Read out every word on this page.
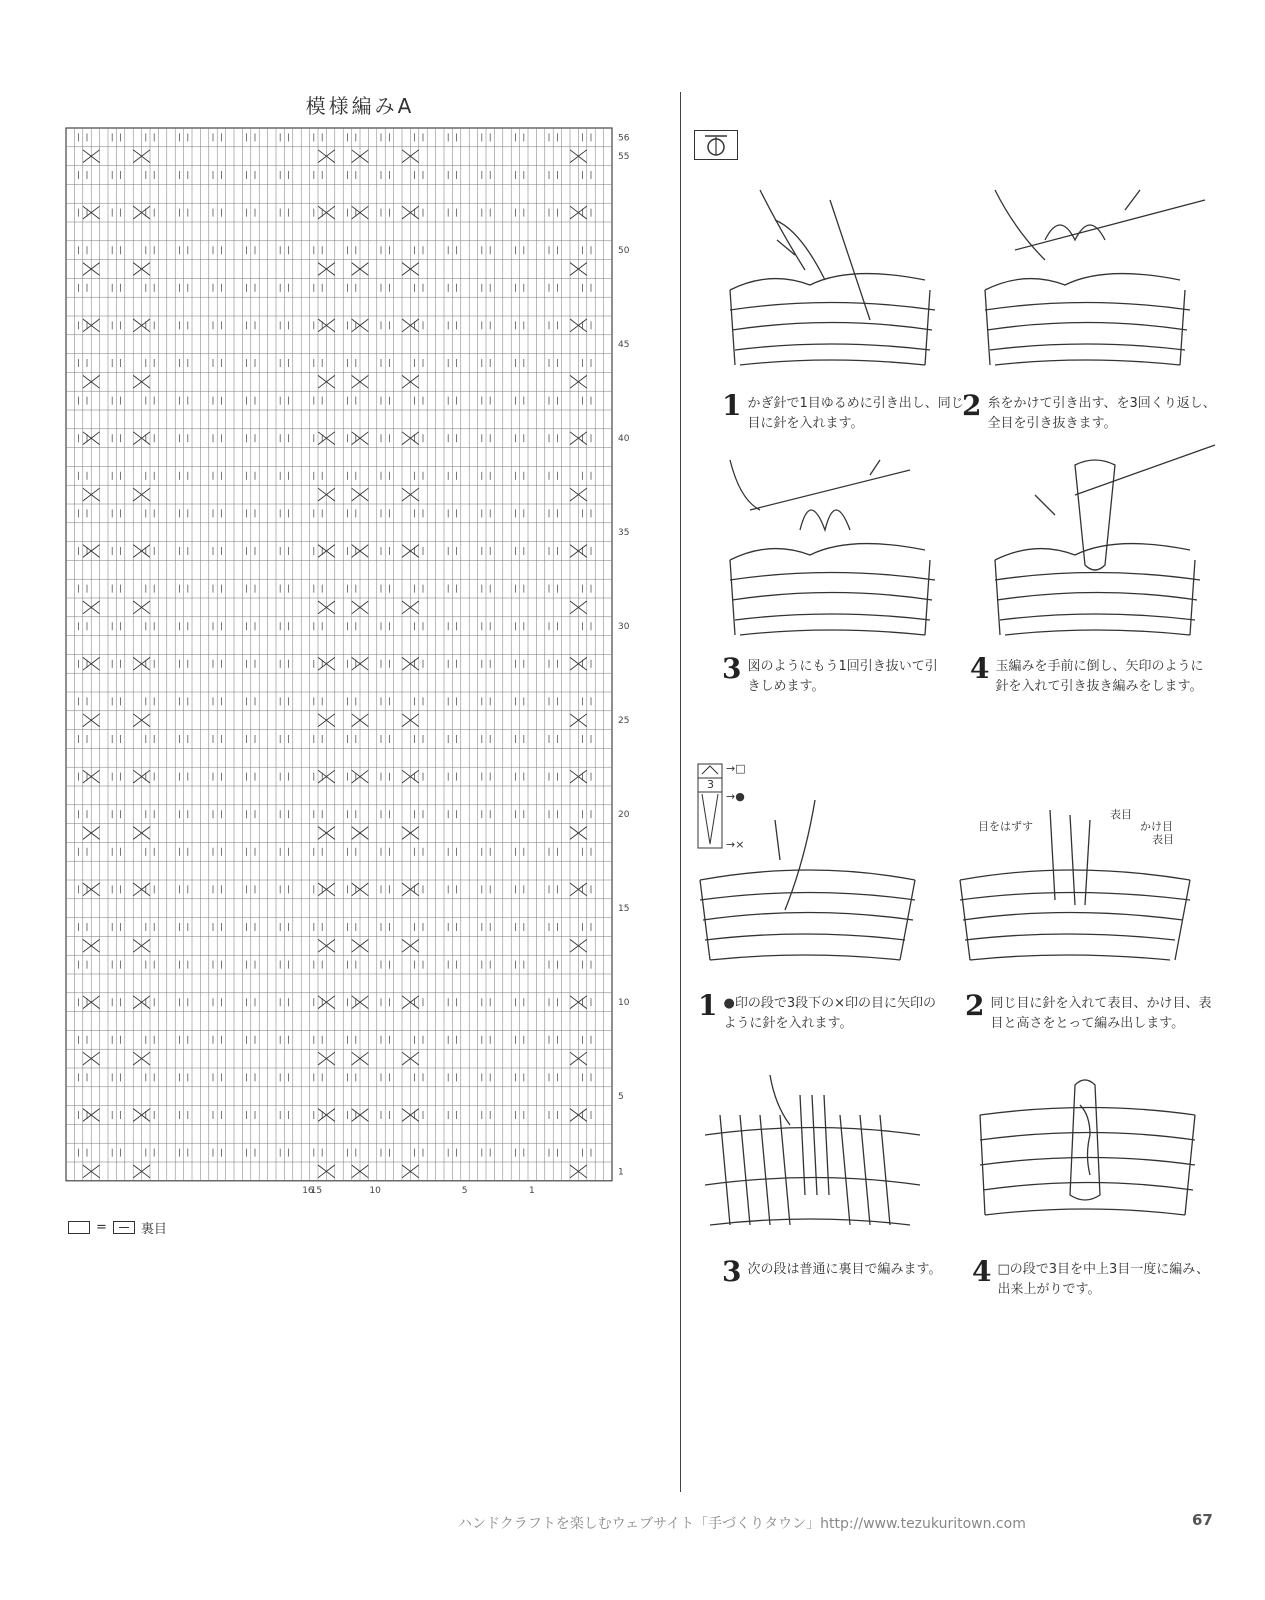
模様編みA
1
5
10
15
20
25
30
35
40
45
50
55
56
16
15	10	5	1
=	裏目
1 かぎ針で1目ゆるめに引き出し、同じ目に針を入れます。
2 糸をかけて引き出す、を3回くり返し、全目を引き抜きます。
3 図のようにもう1回引き抜いて引きしめます。
4 玉編みを手前に倒し、矢印のように針を入れて引き抜き編みをします。
→□
3
→●
→×
1 ●印の段で3段下の×印の目に矢印のように針を入れます。
目をはずす
表目
かけ目
表目
2 同じ目に針を入れて表目、かけ目、表目と高さをとって編み出します。
3 次の段は普通に裏目で編みます。 4 □の段で3目を中上3目一度に編み、出来上がりです。
ハンドクラフトを楽しむウェブサイト「手づくりタウン」http://www.tezukuritown.com	67
